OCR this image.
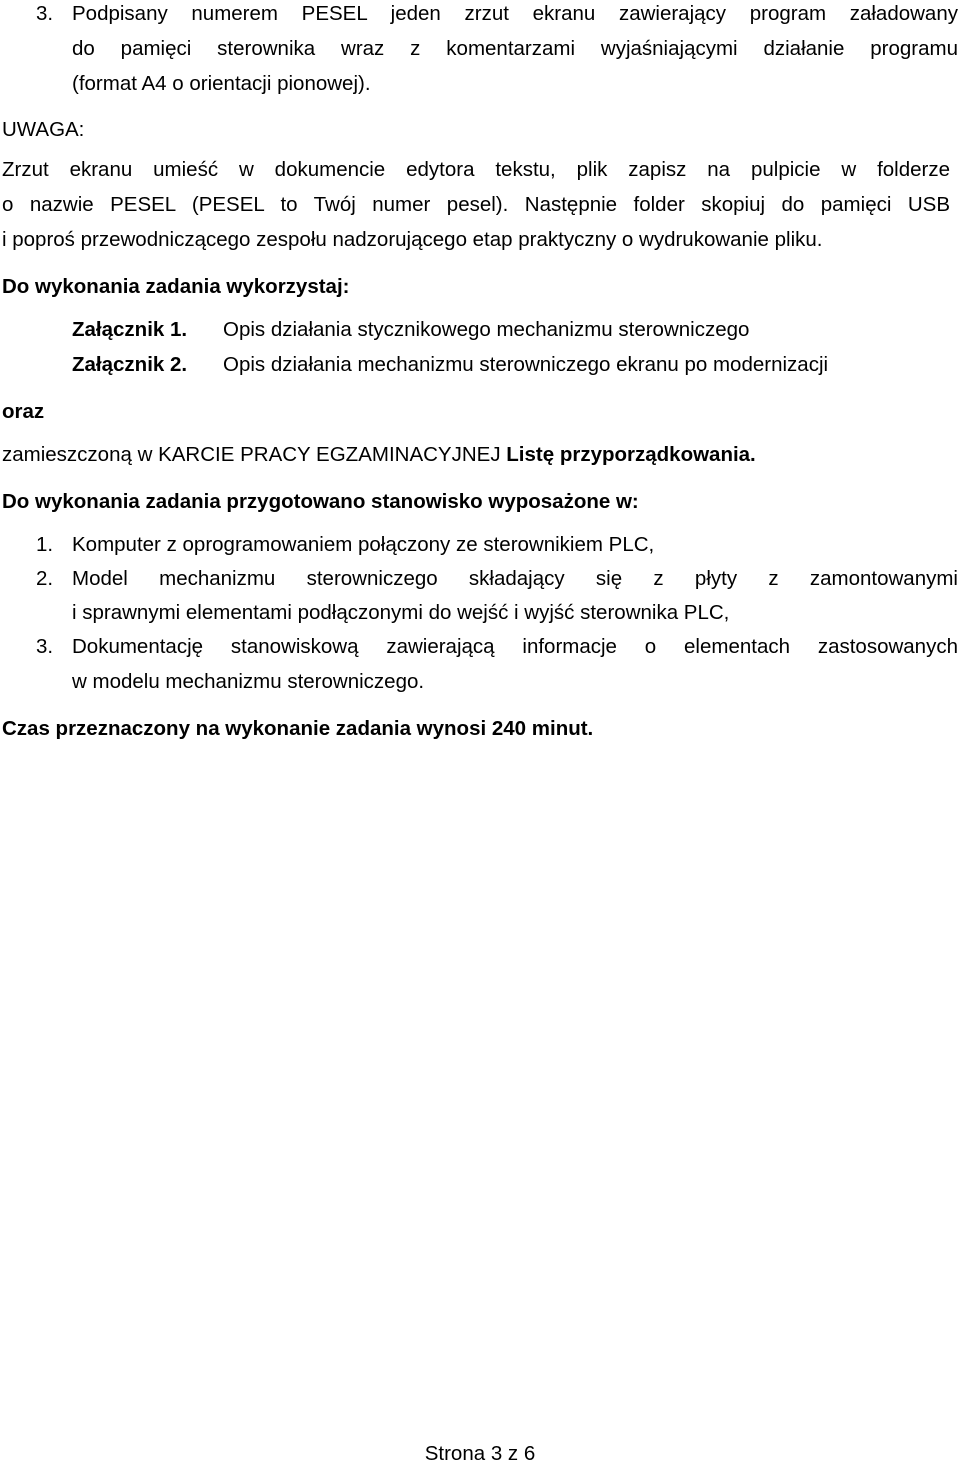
3. Podpisany numerem PESEL jeden zrzut ekranu zawierający program załadowany
do pamięci sterownika wraz z komentarzami wyjaśniającymi działanie programu
(format A4 o orientacji pionowej).
UWAGA:
Zrzut ekranu umieść w dokumencie edytora tekstu, plik zapisz na pulpicie w folderze
o nazwie PESEL (PESEL to Twój numer pesel). Następnie folder skopiuj do pamięci USB
i poproś przewodniczącego zespołu nadzorującego etap praktyczny o wydrukowanie pliku.
Do wykonania zadania wykorzystaj:
Załącznik 1. Opis działania stycznikowego mechanizmu sterowniczego
Załącznik 2. Opis działania mechanizmu sterowniczego ekranu po modernizacji
oraz
zamieszczoną w KARCIE PRACY EGZAMINACYJNEJ Listę przyporządkowania.
Do wykonania zadania przygotowano stanowisko wyposażone w:
1. Komputer z oprogramowaniem połączony ze sterownikiem PLC,
2. Model mechanizmu sterowniczego składający się z płyty z zamontowanymi
i sprawnymi elementami podłączonymi do wejść i wyjść sterownika PLC,
3. Dokumentację stanowiskową zawierającą informacje o elementach zastosowanych
w modelu mechanizmu sterowniczego.
Czas przeznaczony na wykonanie zadania wynosi 240 minut.
Strona 3 z 6
